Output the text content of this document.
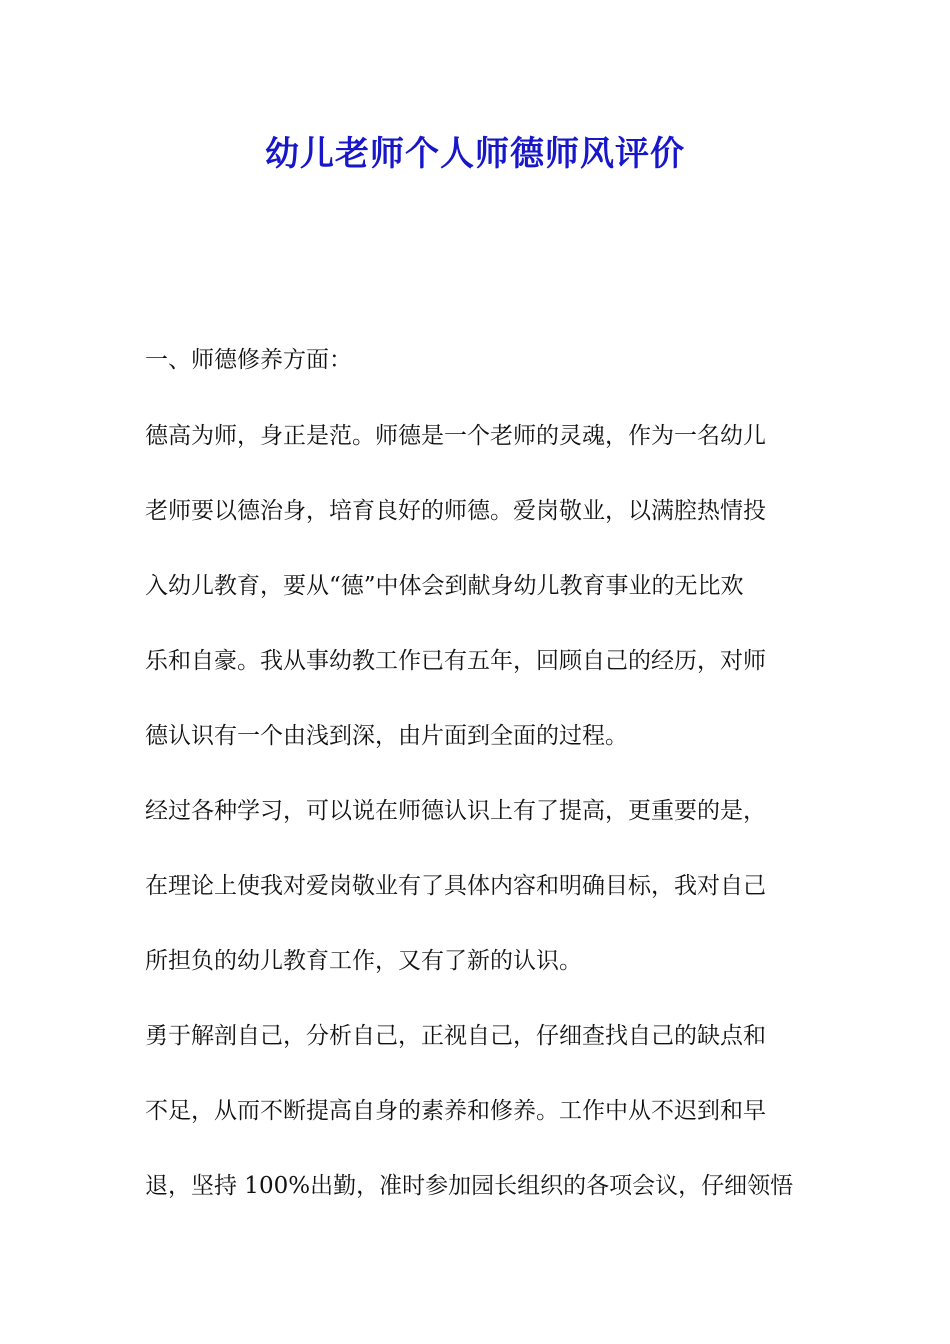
幼儿老师个人师德师风评价
一、师德修养方面：
德高为师，身正是范。师德是一个老师的灵魂，作为一名幼儿
老师要以德治身，培育良好的师德。爱岗敬业，以满腔热情投
入幼儿教育，要从“德”中体会到献身幼儿教育事业的无比欢
乐和自豪。我从事幼教工作已有五年，回顾自己的经历，对师
德认识有一个由浅到深，由片面到全面的过程。
经过各种学习，可以说在师德认识上有了提高，更重要的是，
在理论上使我对爱岗敬业有了具体内容和明确目标，我对自己
所担负的幼儿教育工作，又有了新的认识。
勇于解剖自己，分析自己，正视自己，仔细查找自己的缺点和
不足，从而不断提高自身的素养和修养。工作中从不迟到和早
退，坚持 100%出勤，准时参加园长组织的各项会议，仔细领悟
